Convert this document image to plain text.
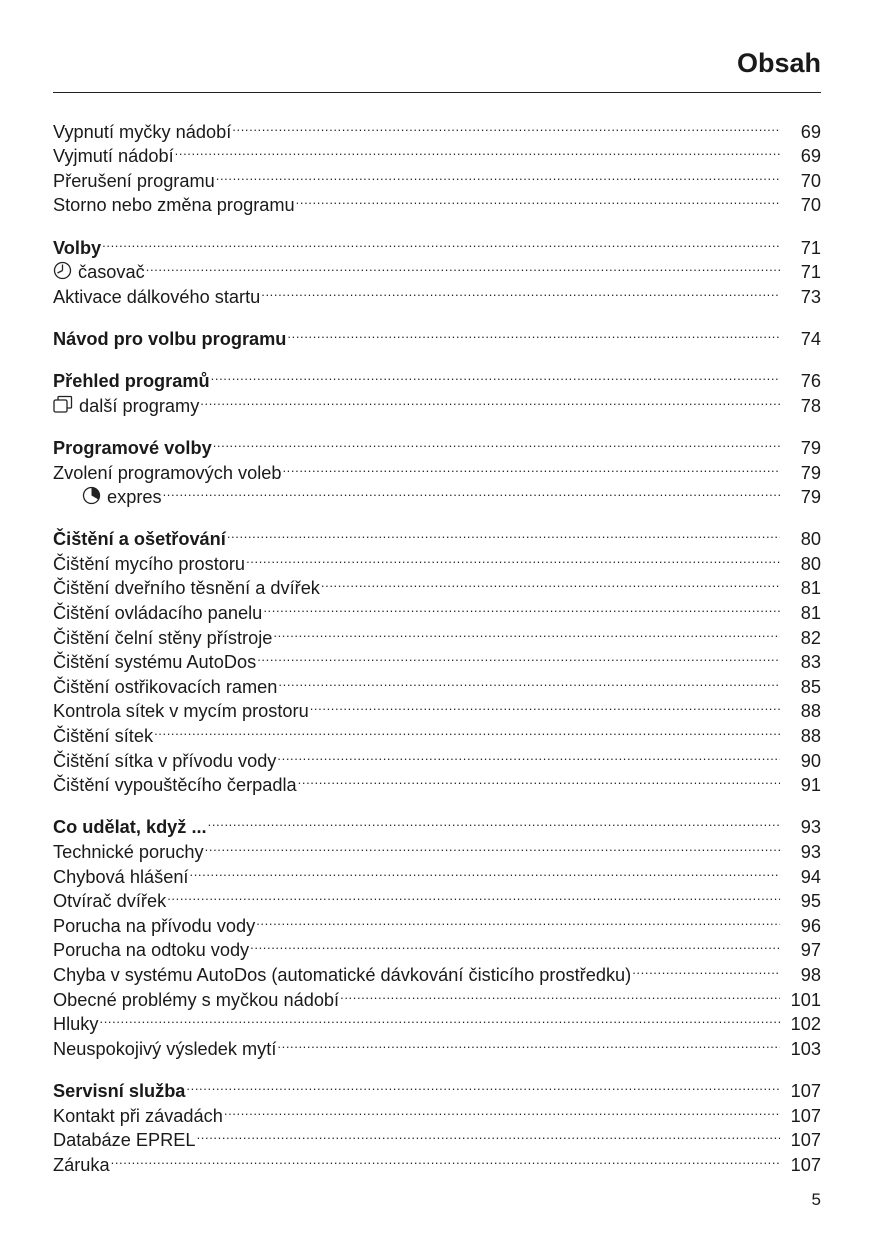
Obsah
Vypnutí myčky nádobí .....	69
Vyjmutí nádobí .....	69
Přerušení programu .....	70
Storno nebo změna programu .....	70
Volby .....	71
časovač .....	71
Aktivace dálkového startu .....	73
Návod pro volbu programu .....	74
Přehled programů .....	76
další programy .....	78
Programové volby .....	79
Zvolení programových voleb .....	79
expres .....	79
Čištění a ošetřování .....	80
Čištění mycího prostoru .....	80
Čištění dveřního těsnění a dvířek .....	81
Čištění ovládacího panelu .....	81
Čištění čelní stěny přístroje .....	82
Čištění systému AutoDos .....	83
Čištění ostřikovacích ramen .....	85
Kontrola sítek v mycím prostoru .....	88
Čištění sítek .....	88
Čištění sítka v přívodu vody .....	90
Čištění vypouštěcího čerpadla .....	91
Co udělat, když ... .....	93
Technické poruchy .....	93
Chybová hlášení .....	94
Otvírač dvířek .....	95
Porucha na přívodu vody .....	96
Porucha na odtoku vody .....	97
Chyba v systému AutoDos (automatické dávkování čisticího prostředku) .....	98
Obecné problémy s myčkou nádobí .....	101
Hluky .....	102
Neuspokojivý výsledek mytí .....	103
Servisní služba .....	107
Kontakt při závadách .....	107
Databáze EPREL .....	107
Záruka .....	107
5
